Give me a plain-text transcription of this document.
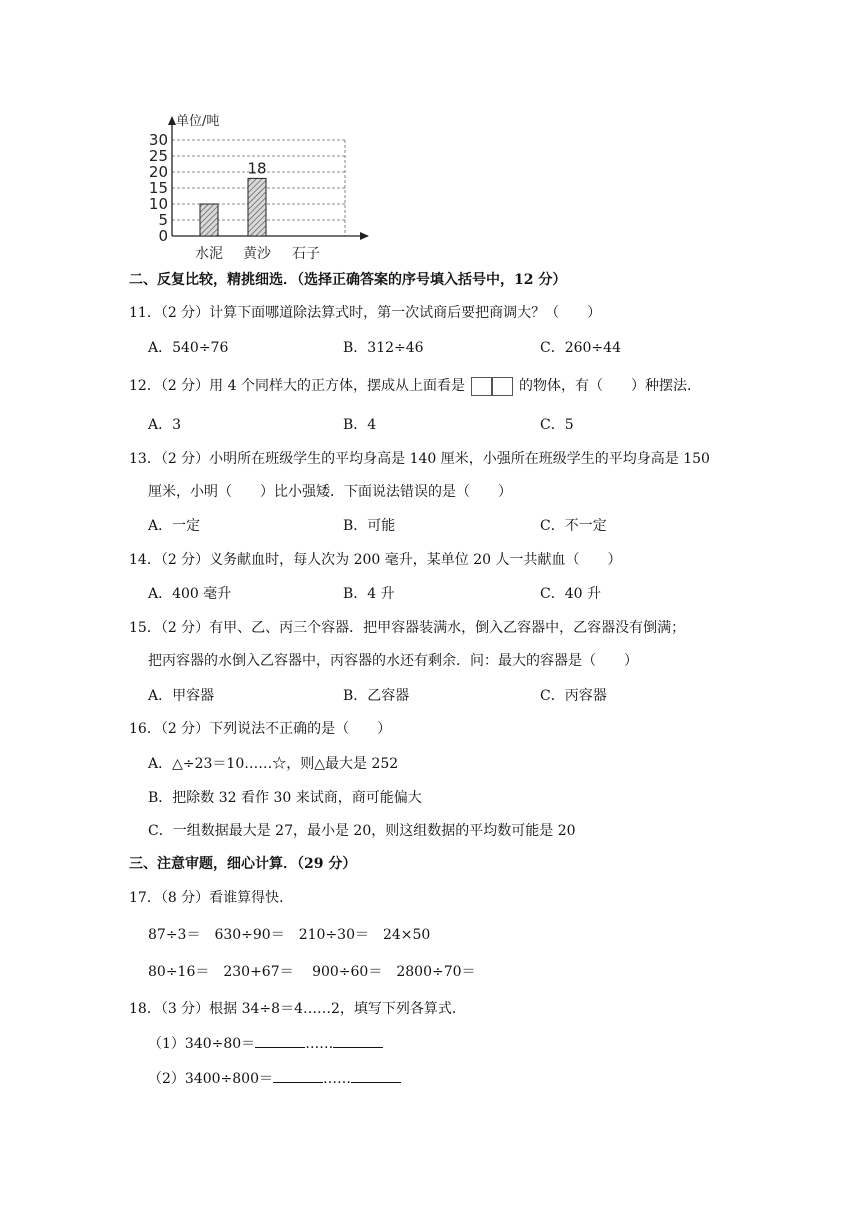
0
5
10
15
20
25
30
单位/吨
水泥
18
黄沙 石子
二、反复比较，精挑细选．（选择正确答案的序号填入括号中，12 分）
11．（2 分）计算下面哪道除法算式时，第一次试商后要把商调大？（　　）
A．540÷76	B．312÷46	C．260÷44
12．（2 分）用 4 个同样大的正方体，摆成从上面看是	的物体，有（　　）种摆法．
A．3	B．4	C．5
13．（2 分）小明所在班级学生的平均身高是 140 厘米，小强所在班级学生的平均身高是 150
厘米，小明（　　）比小强矮．下面说法错误的是（　　）
A．一定	B．可能	C．不一定
14．（2 分）义务献血时，每人次为 200 毫升，某单位 20 人一共献血（　　）
A．400 毫升	B．4 升	C．40 升
15．（2 分）有甲、乙、丙三个容器．把甲容器装满水，倒入乙容器中，乙容器没有倒满；
把丙容器的水倒入乙容器中，丙容器的水还有剩余．问：最大的容器是（　　）
A．甲容器	B．乙容器	C．丙容器
16．（2 分）下列说法不正确的是（　　）
A．△÷23＝10……☆，则△最大是 252
B．把除数 32 看作 30 来试商，商可能偏大
C．一组数据最大是 27，最小是 20，则这组数据的平均数可能是 20
三、注意审题，细心计算．（29 分）
17．（8 分）看谁算得快．
87÷3＝　630÷90＝　210÷30＝　24×50
80÷16＝　230+67＝　 900÷60＝　2800÷70＝
18．（3 分）根据 34÷8＝4……2，填写下列各算式．
（1）340÷80＝	……
（2）3400÷800＝	……
